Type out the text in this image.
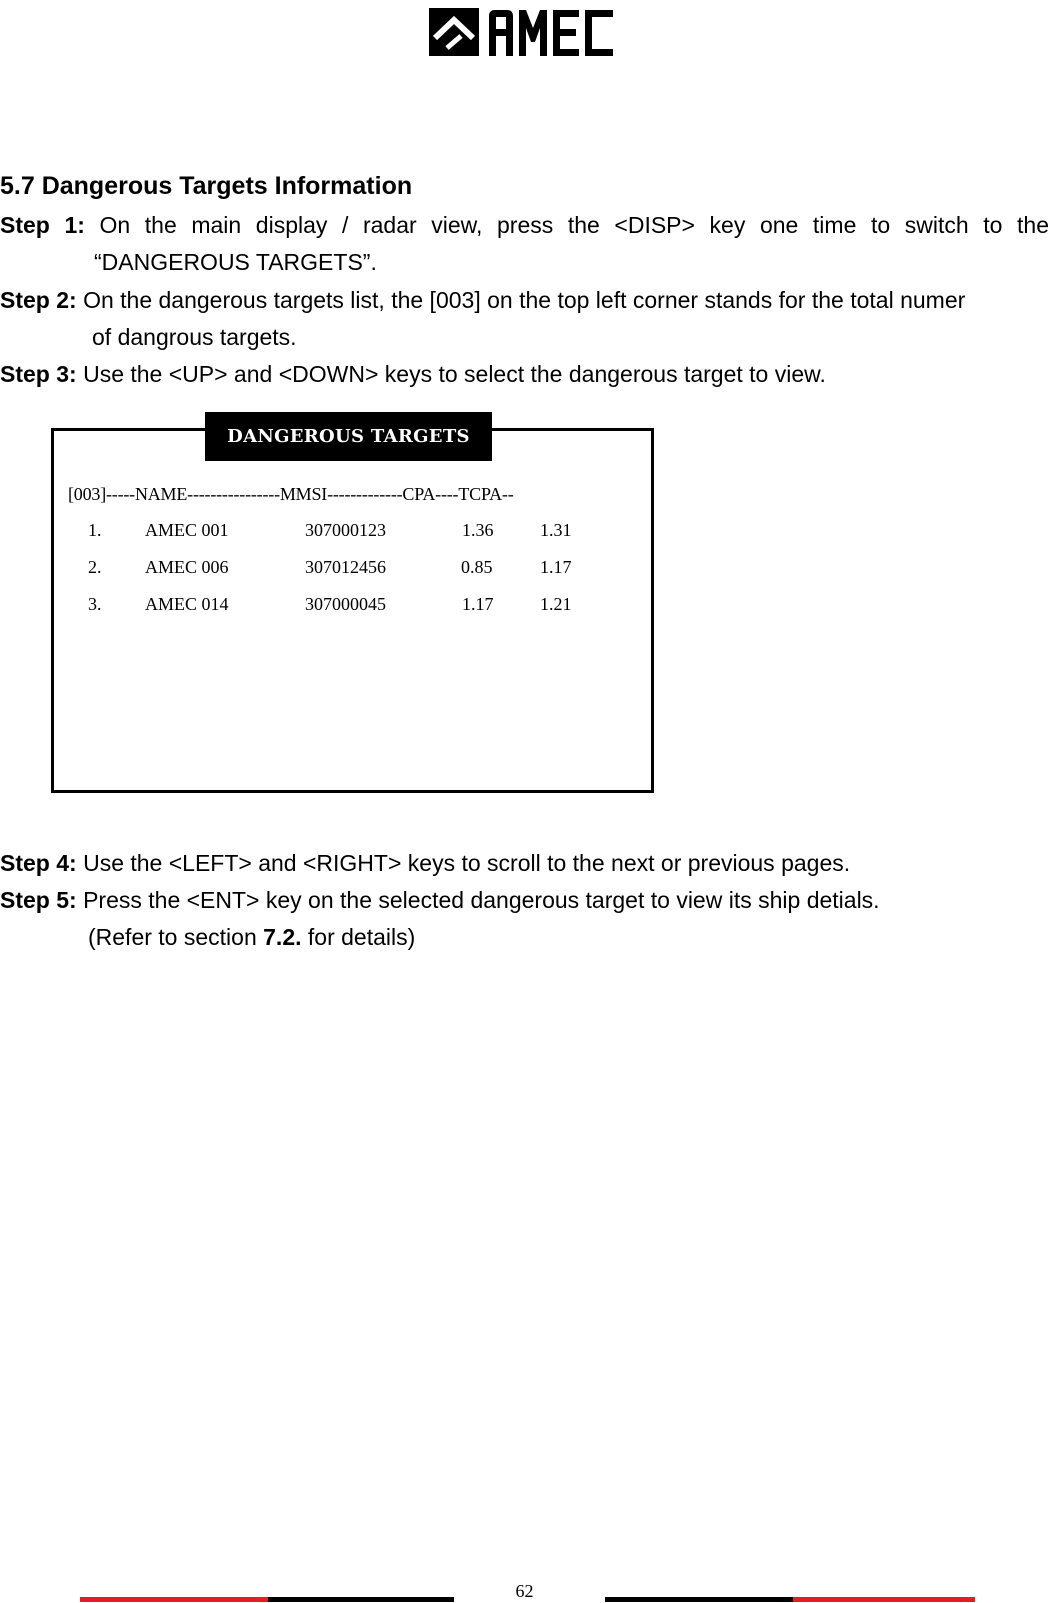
5.7 Dangerous Targets Information
Step 1: On the main display / radar view, press the <DISP> key one time to switch to the
“DANGEROUS TARGETS”.
Step 2: On the dangerous targets list, the [003] on the top left corner stands for the total numer
of dangrous targets.
Step 3: Use the <UP> and <DOWN> keys to select the dangerous target to view.
DANGEROUS TARGETS
[003]-----NAME----------------MMSI-------------CPA----TCPA--
1. AMEC 001	307000123	1.36	1.31
2. AMEC 006	307012456	0.85	1.17
3. AMEC 014	307000045	1.17	1.21
Step 4: Use the <LEFT> and <RIGHT> keys to scroll to the next or previous pages.
Step 5: Press the <ENT> key on the selected dangerous target to view its ship detials.
(Refer to section 7.2. for details)
62
